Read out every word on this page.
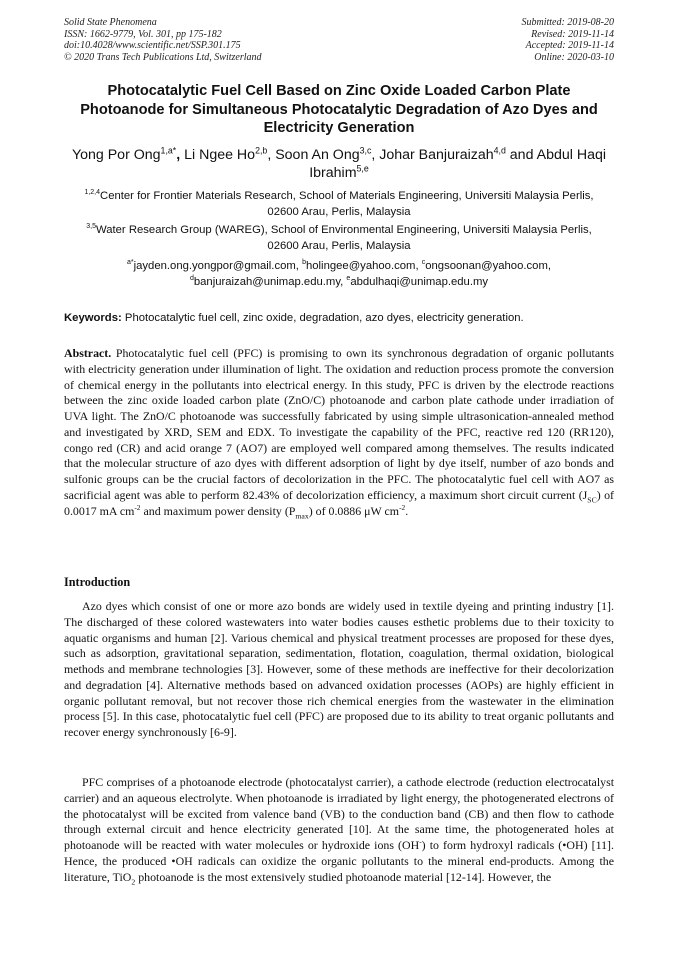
Solid State Phenomena
ISSN: 1662-9779, Vol. 301, pp 175-182
doi:10.4028/www.scientific.net/SSP.301.175
© 2020 Trans Tech Publications Ltd, Switzerland
Submitted: 2019-08-20
Revised: 2019-11-14
Accepted: 2019-11-14
Online: 2020-03-10
Photocatalytic Fuel Cell Based on Zinc Oxide Loaded Carbon Plate Photoanode for Simultaneous Photocatalytic Degradation of Azo Dyes and Electricity Generation
Yong Por Ong$^{1,a*}$, Li Ngee Ho$^{2,b}$, Soon An Ong$^{3,c}$, Johar Banjuraizah$^{4,d}$ and Abdul Haqi Ibrahim$^{5,e}$
$^{1,2,4}$Center for Frontier Materials Research, School of Materials Engineering, Universiti Malaysia Perlis, 02600 Arau, Perlis, Malaysia
$^{3,5}$Water Research Group (WAREG), School of Environmental Engineering, Universiti Malaysia Perlis, 02600 Arau, Perlis, Malaysia
$^{a*}$jayden.ong.yongpor@gmail.com, $^b$holingee@yahoo.com, $^c$ongsoonan@yahoo.com,
$^d$banjuraizah@unimap.edu.my, $^e$abdulhaqi@unimap.edu.my
Keywords: Photocatalytic fuel cell, zinc oxide, degradation, azo dyes, electricity generation.
Abstract. Photocatalytic fuel cell (PFC) is promising to own its synchronous degradation of organic pollutants with electricity generation under illumination of light. The oxidation and reduction process promote the conversion of chemical energy in the pollutants into electrical energy. In this study, PFC is driven by the electrode reactions between the zinc oxide loaded carbon plate (ZnO/C) photoanode and carbon plate cathode under irradiation of UVA light. The ZnO/C photoanode was successfully fabricated by using simple ultrasonication-annealed method and investigated by XRD, SEM and EDX. To investigate the capability of the PFC, reactive red 120 (RR120), congo red (CR) and acid orange 7 (AO7) are employed well compared among themselves. The results indicated that the molecular structure of azo dyes with different adsorption of light by dye itself, number of azo bonds and sulfonic groups can be the crucial factors of decolorization in the PFC. The photocatalytic fuel cell with AO7 as sacrificial agent was able to perform 82.43% of decolorization efficiency, a maximum short circuit current $(J_{SC})$ of 0.0017 mA $cm^{-2}$ and maximum power density $(P_{max})$ of 0.0886 μW $cm^{-2}$.
Introduction
Azo dyes which consist of one or more azo bonds are widely used in textile dyeing and printing industry [1]. The discharged of these colored wastewaters into water bodies causes esthetic problems due to their toxicity to aquatic organisms and human [2]. Various chemical and physical treatment processes are proposed for these dyes, such as adsorption, gravitational separation, sedimentation, flotation, coagulation, thermal oxidation, biological methods and membrane technologies [3]. However, some of these methods are ineffective for their decolorization and degradation [4]. Alternative methods based on advanced oxidation processes (AOPs) are highly efficient in organic pollutant removal, but not recover those rich chemical energies from the wastewater in the elimination process [5]. In this case, photocatalytic fuel cell (PFC) are proposed due to its ability to treat organic pollutants and recover energy synchronously [6-9].
PFC comprises of a photoanode electrode (photocatalyst carrier), a cathode electrode (reduction electrocatalyst carrier) and an aqueous electrolyte. When photoanode is irradiated by light energy, the photogenerated electrons of the photocatalyst will be excited from valence band (VB) to the conduction band (CB) and then flow to cathode through external circuit and hence electricity generated [10]. At the same time, the photogenerated holes at photoanode will be reacted with water molecules or hydroxide ions (OH-) to form hydroxyl radicals (•OH) [11]. Hence, the produced •OH radicals can oxidize the organic pollutants to the mineral end-products. Among the literature, TiO$_2$ photoanode is the most extensively studied photoanode material [12-14]. However, the
